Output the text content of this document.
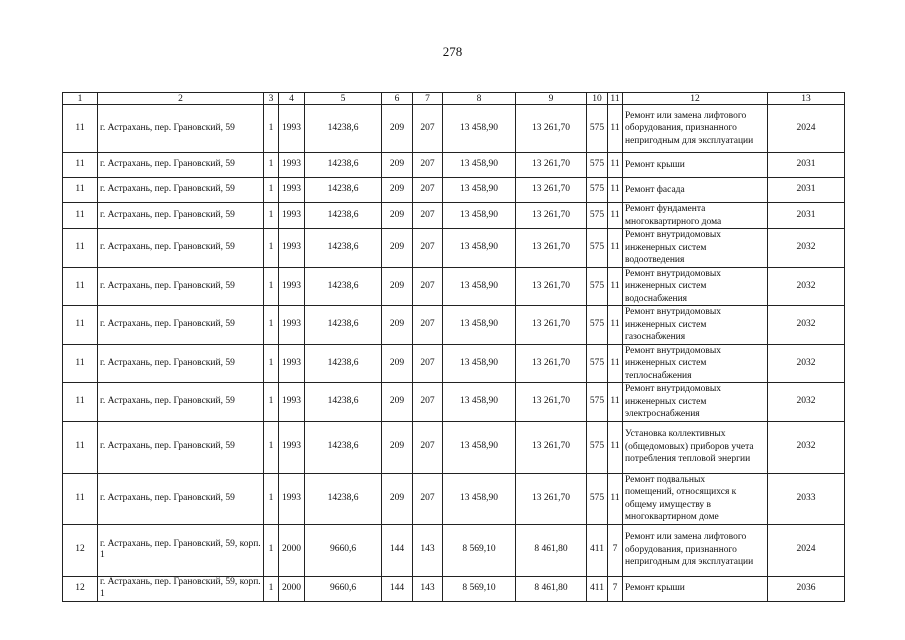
278
1	2	3	4	5	6	7	8	9	10	11	12	13
11	г. Астрахань, пер. Грановский, 59	1	1993	14238,6	209	207	13 458,90	13 261,70	575	11	Ремонт или замена лифтового
оборудования, признанного
непригодным для эксплуатации	2024
11	г. Астрахань, пер. Грановский, 59	1	1993	14238,6	209	207	13 458,90	13 261,70	575	11	Ремонт крыши	2031
11	г. Астрахань, пер. Грановский, 59	1	1993	14238,6	209	207	13 458,90	13 261,70	575	11	Ремонт фасада	2031
11	г. Астрахань, пер. Грановский, 59	1	1993	14238,6	209	207	13 458,90	13 261,70	575	11	Ремонт фундамента
многоквартирного дома	2031
11	г. Астрахань, пер. Грановский, 59	1	1993	14238,6	209	207	13 458,90	13 261,70	575	11	Ремонт внутридомовых
инженерных систем
водоотведения	2032
11	г. Астрахань, пер. Грановский, 59	1	1993	14238,6	209	207	13 458,90	13 261,70	575	11	Ремонт внутридомовых
инженерных систем
водоснабжения	2032
11	г. Астрахань, пер. Грановский, 59	1	1993	14238,6	209	207	13 458,90	13 261,70	575	11	Ремонт внутридомовых
инженерных систем
газоснабжения	2032
11	г. Астрахань, пер. Грановский, 59	1	1993	14238,6	209	207	13 458,90	13 261,70	575	11	Ремонт внутридомовых
инженерных систем
теплоснабжения	2032
11	г. Астрахань, пер. Грановский, 59	1	1993	14238,6	209	207	13 458,90	13 261,70	575	11	Ремонт внутридомовых
инженерных систем
электроснабжения	2032
11	г. Астрахань, пер. Грановский, 59	1	1993	14238,6	209	207	13 458,90	13 261,70	575	11	Установка коллективных
(общедомовых) приборов учета
потребления тепловой энергии	2032
11	г. Астрахань, пер. Грановский, 59	1	1993	14238,6	209	207	13 458,90	13 261,70	575	11	Ремонт подвальных
помещений, относящихся к
общему имуществу в
многоквартирном доме	2033
12	г. Астрахань, пер. Грановский, 59, корп. 1	1	2000	9660,6	144	143	8 569,10	8 461,80	411	7	Ремонт или замена лифтового
оборудования, признанного
непригодным для эксплуатации	2024
12	г. Астрахань, пер. Грановский, 59, корп. 1	1	2000	9660,6	144	143	8 569,10	8 461,80	411	7	Ремонт крыши	2036
